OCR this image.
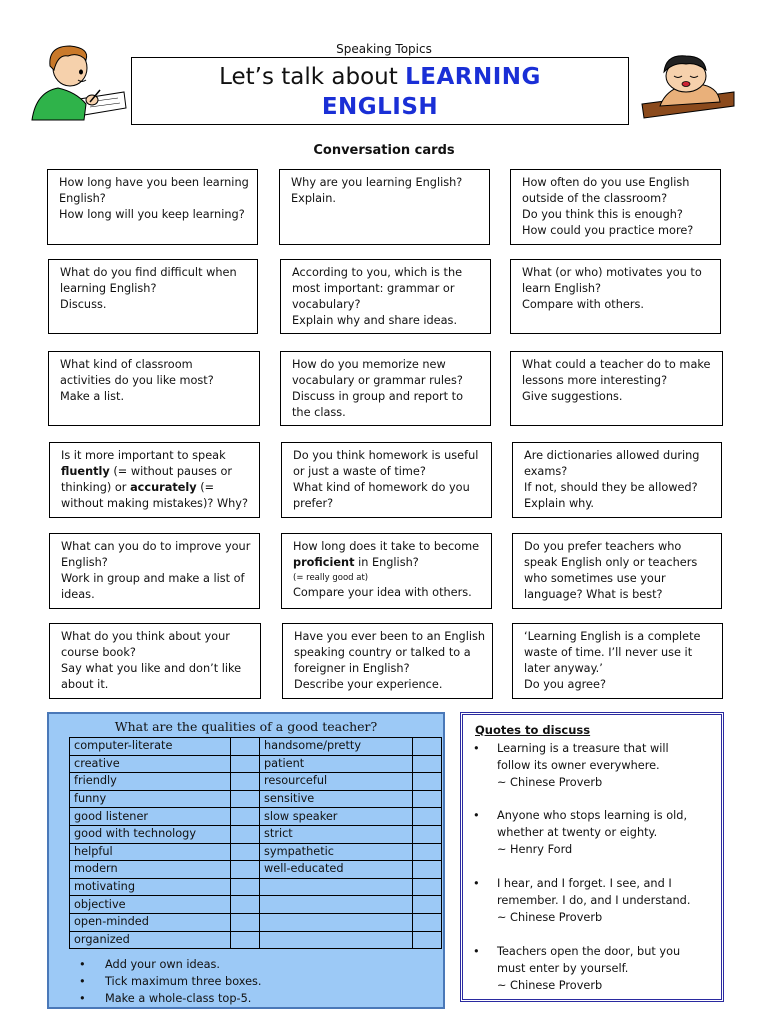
Speaking Topics
Let’s talk about LEARNING
ENGLISH
Conversation cards
How long have you been learning
English?
How long will you keep learning?
Why are you learning English?
Explain.
How often do you use English
outside of the classroom?
Do you think this is enough?
How could you practice more?
What do you find difficult when
learning English?
Discuss.
According to you, which is the
most important: grammar or
vocabulary?
Explain why and share ideas.
What (or who) motivates you to
learn English?
Compare with others.
What kind of classroom
activities do you like most?
Make a list.
How do you memorize new
vocabulary or grammar rules?
Discuss in group and report to
the class.
What could a teacher do to make
lessons more interesting?
Give suggestions.
Is it more important to speak
fluently (= without pauses or
thinking) or accurately (=
without making mistakes)? Why?
Do you think homework is useful
or just a waste of time?
What kind of homework do you
prefer?
Are dictionaries allowed during
exams?
If not, should they be allowed?
Explain why.
What can you do to improve your
English?
Work in group and make a list of
ideas.
How long does it take to become
proficient in English?
(= really good at)
Compare your idea with others.
Do you prefer teachers who
speak English only or teachers
who sometimes use your
language? What is best?
What do you think about your
course book?
Say what you like and don’t like
about it.
Have you ever been to an English
speaking country or talked to a
foreigner in English?
Describe your experience.
‘Learning English is a complete
waste of time. I’ll never use it
later anyway.’
Do you agree?
What are the qualities of a good teacher?
computer-literate		handsome/pretty	
creative		patient	
friendly		resourceful	
funny		sensitive	
good listener		slow speaker	
good with technology		strict	
helpful		sympathetic	
modern		well-educated	
motivating			
objective			
open-minded			
organized			
• Add your own ideas.
• Tick maximum three boxes.
• Make a whole-class top-5.
Quotes to discuss
• Learning is a treasure that will
follow its owner everywhere.
~ Chinese Proverb
• Anyone who stops learning is old,
whether at twenty or eighty.
~ Henry Ford
• I hear, and I forget. I see, and I
remember. I do, and I understand.
~ Chinese Proverb
• Teachers open the door, but you
must enter by yourself.
~ Chinese Proverb
